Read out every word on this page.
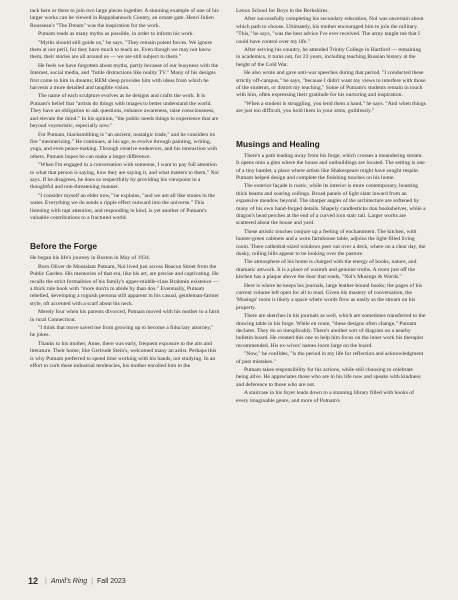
tack here or there to join two large pieces together. A stunning example of one of his larger works can be viewed in Rappahannock County, an ornate gate. Henri Julien Rousseau's "The Dream" was the inspiration for the work.

Putnam reads as many myths as possible, in order to inform his work.

"Myths should still guide us," he says. "They remain potent forces. We ignore them at our peril, for they have much to teach us. Even though we may not know them, their stories are all around us — we are still subject to them."

He feels we have forgotten about myths, partly because of our busyness with the Internet, social media, and "futile distractions like reality TV." Many of his designs first come to him in dreams; REM sleep provides him with ideas from which he harvests a more detailed and tangible vision.

The name of each sculpture evolves as he designs and crafts the work. It is Putnam's belief that "artists do things with images to better understand the world. They have an obligation to ask questions, enhance awareness, raise consciousness, and elevate the mind." In his opinion, "the public needs things to experience that are beyond voyeuristic, especially now."

For Putnam, blacksmithing is "an ancient, nostalgic trade," and he considers its fire "mesmerizing." He continues, at his age, to evolve through painting, writing, yoga, and even peace-making. Through creative endeavors, and his interaction with others, Putnam hopes he can make a larger difference.

"When I'm engaged in a conversation with someone, I want to pay full attention to what that person is saying, how they are saying it, and what matters to them," Nol says. If he disagrees, he does so respectfully by providing his viewpoint in a thoughtful and non-threatening manner.

"I consider myself an elder now," he explains, "and we are all like stones in the water. Everything we do sends a ripple effect outward into the universe." This listening with rapt attention, and responding in kind, is yet another of Putnam's valuable contributions to a fractured world.

Before the Forge

He began his life's journey in Boston in May of 1934.

Born Oliver de Montalant Putnam, Nol lived just across Beacon Street from the Public Garden. His memories of that era, like his art, are precise and captivating. He recalls the strict formalities of his family's upper-middle-class Brahmin existence — a thick rule book with "more don'ts to abide by than dos." Eventually, Putnam rebelled, developing a roguish persona still apparent in his casual, gentleman-farmer style, oft accented with a scarf about his neck.

Merely four when his parents divorced, Putnam moved with his mother to a farm in rural Connecticut.

"I think that move saved me from growing up to become a fiduciary attorney," he jokes.

Thanks to his mother, Anne, there was early, frequent exposure to the arts and literature. Their home, like Gertrude Stein's, welcomed many an artist. Perhaps this is why Putnam preferred to spend time working with his hands, not studying. In an effort to curb these industrial tendencies, his mother enrolled him in the

Lenox School for Boys in the Berkshires.

After successfully completing his secondary education, Nol was uncertain about which path to choose. Ultimately, his mother encouraged him to join the military. "This," he says, "was the best advice I've ever received. The army taught me that I could have control over my life."

After serving his country, he attended Trinity College in Hartford — remaining in academics, it turns out, for 23 years, including teaching Russian history at the height of the Cold War.

He also wrote and gave anti-war speeches during that period. "I conducted these strictly off-campus," he says, "because I didn't want my views to interfere with those of the students, or distort my teaching." Some of Putnam's students remain in touch with him, often expressing their gratitude for his nurturing and inspiration.

"When a student is struggling, you lend them a hand," he says. "And when things are just too difficult, you hold them in your arms, guiltlessly."

Musings and Healing

There's a path leading away from his forge, which crosses a meandering stream. It opens onto a glen where the house and outbuildings are located. The setting is one of a tiny hamlet, a place where artists like Shakespeare might have sought respite. Putnam helped design and complete the finishing touches on his home.

The exterior façade is rustic, while its interior is more contemporary, boasting thick beams and soaring ceilings. Broad panels of light slant inward from an expansive meadow beyond. The sharper angles of the architecture are softened by many of his own hand-forged details. Shapely candlesticks don bookshelves, while a dragon's head perches at the end of a curved iron stair rail. Larger works are scattered about the house and yard.

These artistic touches conjure up a feeling of enchantment. The kitchen, with hunter-green cabinets and a worn farmhouse table, adjoins the light-filled living room. There cathedral-sized windows peer out over a deck, where on a clear day, the dusky, rolling hills appear to be looking over the pasture.

The atmosphere of his home is charged with the energy of books, nature, and dramatic artwork. It is a place of warmth and genuine truths. A room just off the kitchen has a plaque above the door that reads, "Nol's Musings & Words."

Here is where he keeps his journals, large leather-bound books; the pages of his current volume left open for all to read. Given his mastery of conversation, the 'Musings' room is likely a space where words flow as easily as the stream on his property.

There are sketches in his journals as well, which are sometimes transferred to the drawing table in his forge. While en route, "these designs often change," Putnam declares. They do so inexplicably. There's another sort of diagram on a nearby bulletin board. He created this one to help him focus on the inner work his therapist recommended. His ex-wives' names loom large on the board.

"Now," he confides, "is the period in my life for reflection and acknowledgment of past mistakes."

Putnam takes responsibility for his actions, while still choosing to celebrate being alive. He appreciates those who are in his life now and speaks with kindness and deference to those who are not.

A staircase in his foyer leads down to a stunning library filled with books of every imaginable genre, and more of Putnam's

12 | Anvil's Ring | Fall 2023
